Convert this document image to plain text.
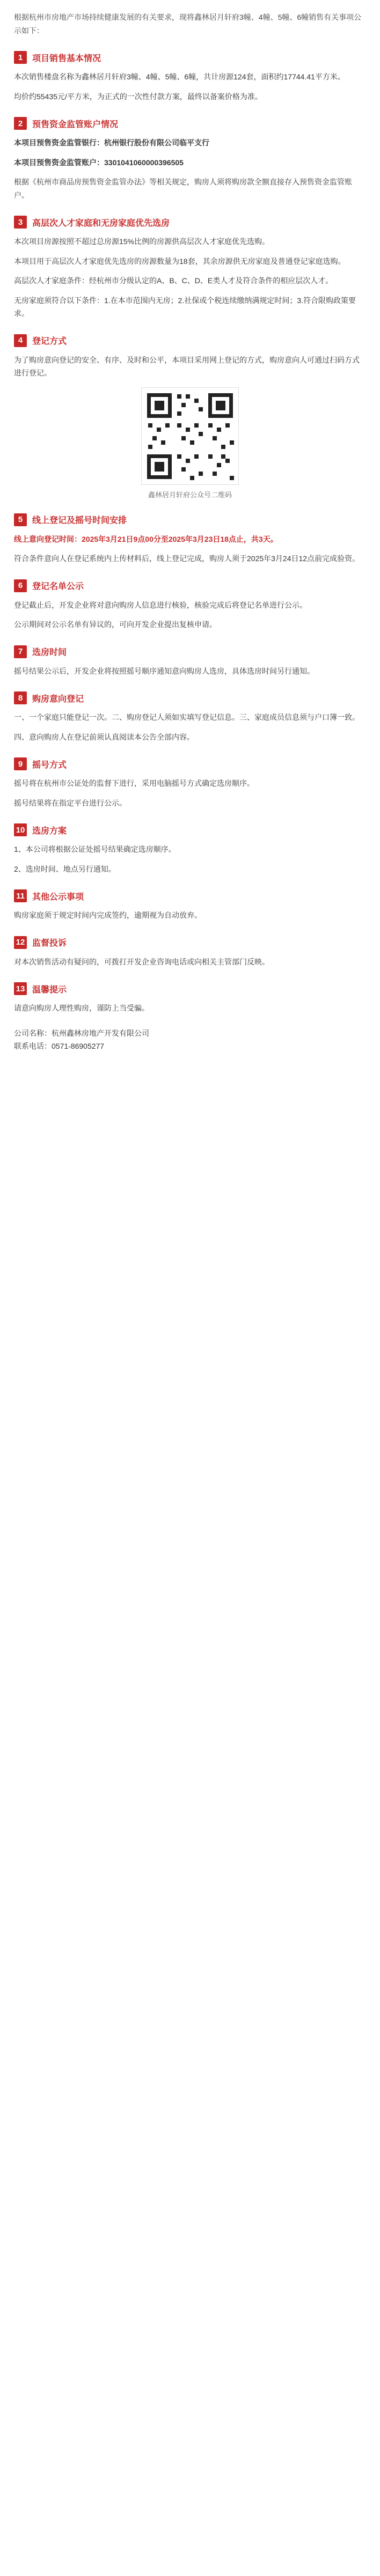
根据杭州市房地产市场持续健康发展的有关要求，现将鑫林居月轩府3幢、4幢、5幢、6幢销售有关事项公示如下：

1	项目销售基本情况

本次销售楼盘名称为鑫林居月轩府3幢、4幢、5幢、6幢，共计房源124套，面积约17744.41平方米。

均价约55435元/平方米，为正式的一次性付款方案，最终以备案价格为准。

2	预售资金监管账户情况

本项目预售资金监管银行：杭州银行股份有限公司临平支行

本项目预售资金监管账户：3301041060000396505

根据《杭州市商品房预售资金监管办法》等相关规定，购房人须将购房款全额直接存入预售资金监管账户。

3	高层次人才家庭和无房家庭优先选房

本次项目房源按照不超过总房源15%比例的房源供高层次人才家庭优先选购。

本项目用于高层次人才家庭优先选房的房源数量为18套，其余房源供无房家庭及普通登记家庭选购。

高层次人才家庭条件：经杭州市分级认定的A、B、C、D、E类人才及符合条件的相应层次人才。

无房家庭须符合以下条件：1.在本市范围内无房；2.社保或个税连续缴纳满规定时间；3.符合限购政策要求。

4	登记方式

为了购房意向登记的安全、有序、及时和公平，本项目采用网上登记的方式，购房意向人可通过扫码方式进行登记。

鑫林居月轩府公众号二维码
5	线上登记及摇号时间安排

线上意向登记时间：2025年3月21日9点00分至2025年3月23日18点止，共3天。

符合条件意向人在登记系统内上传材料后，线上登记完成，购房人须于2025年3月24日12点前完成验资。

6	登记名单公示

登记截止后，开发企业将对意向购房人信息进行核验，核验完成后将登记名单进行公示。

公示期间对公示名单有异议的，可向开发企业提出复核申请。

7	选房时间

摇号结果公示后，开发企业将按照摇号顺序通知意向购房人选房，具体选房时间另行通知。

8	购房意向登记

一、一个家庭只能登记一次。二、购房登记人须如实填写登记信息。三、家庭成员信息须与户口簿一致。

四、意向购房人在登记前须认真阅读本公告全部内容。

9	摇号方式

摇号将在杭州市公证处的监督下进行，采用电脑摇号方式确定选房顺序。

摇号结果将在指定平台进行公示。

10 选房方案

1、本公司将根据公证处摇号结果确定选房顺序。

2、选房时间、地点另行通知。

11 其他公示事项

购房家庭须于规定时间内完成签约，逾期视为自动放弃。

12 监督投诉

对本次销售活动有疑问的，可拨打开发企业咨询电话或向相关主管部门反映。

13 温馨提示

请意向购房人理性购房，谨防上当受骗。

公司名称：杭州鑫林房地产开发有限公司
联系电话：0571-86905277
